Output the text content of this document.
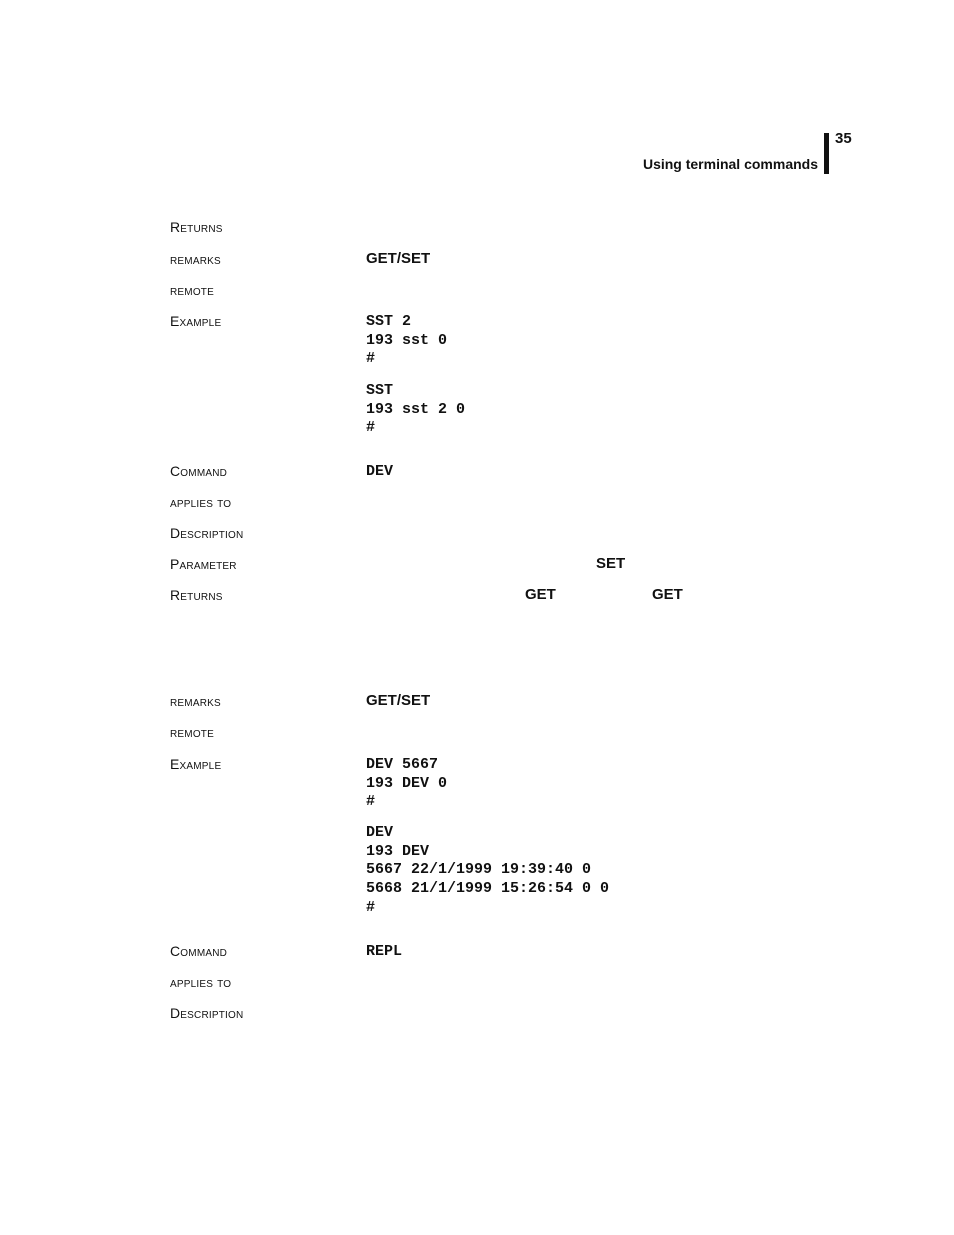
Using terminal commands
35
Returns
remarks	GET/SET
remote
Example	SST 2
193 sst 0
#
SST
193 sst 2 0
#
Command	DEV
applies to
Description
Parameter	SET
Returns	GET	GET
remarks	GET/SET
remote
Example	DEV 5667
193 DEV 0
#
DEV
193 DEV
5667 22/1/1999 19:39:40 0
5668 21/1/1999 15:26:54 0 0
#
Command	REPL
applies to
Description
